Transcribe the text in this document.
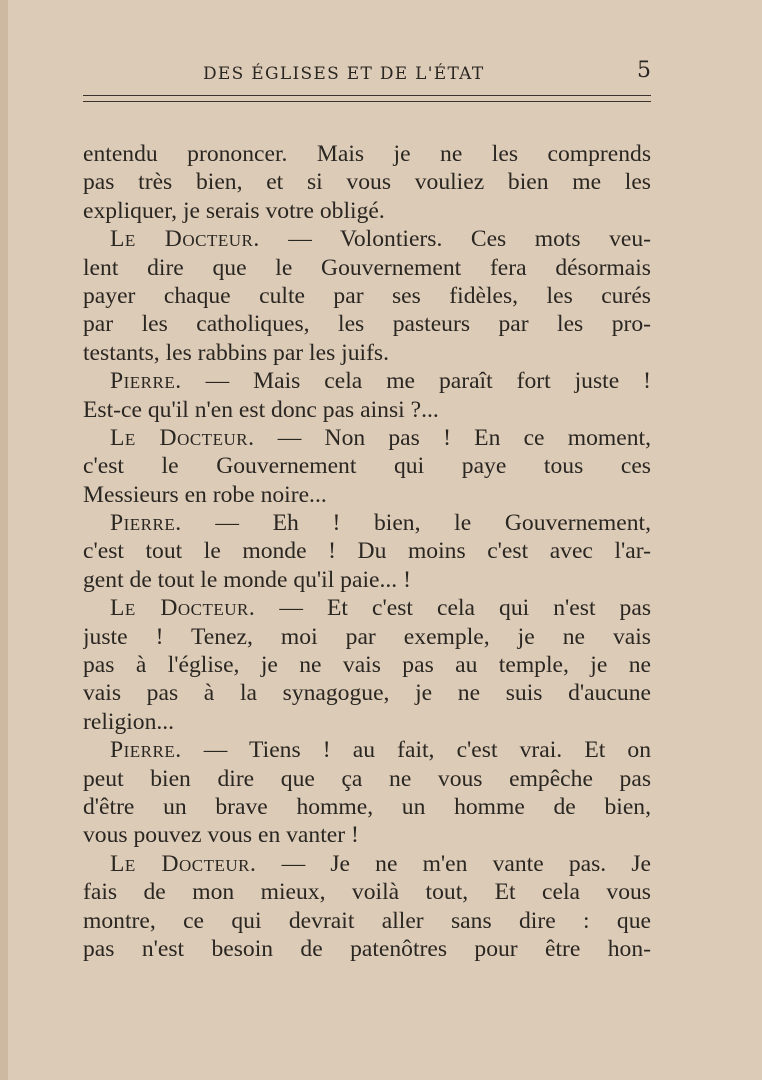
DES ÉGLISES ET DE L'ÉTAT	5
entendu prononcer. Mais je ne les comprends
pas très bien, et si vous vouliez bien me les
expliquer, je serais votre obligé.
Le Docteur. — Volontiers. Ces mots veu-
lent dire que le Gouvernement fera désormais
payer chaque culte par ses fidèles, les curés
par les catholiques, les pasteurs par les pro-
testants, les rabbins par les juifs.
Pierre. — Mais cela me paraît fort juste !
Est-ce qu'il n'en est donc pas ainsi ?...
Le Docteur. — Non pas ! En ce moment,
c'est le Gouvernement qui paye tous ces
Messieurs en robe noire...
Pierre. — Eh ! bien, le Gouvernement,
c'est tout le monde ! Du moins c'est avec l'ar-
gent de tout le monde qu'il paie... !
Le Docteur. — Et c'est cela qui n'est pas
juste ! Tenez, moi par exemple, je ne vais
pas à l'église, je ne vais pas au temple, je ne
vais pas à la synagogue, je ne suis d'aucune
religion...
Pierre. — Tiens ! au fait, c'est vrai. Et on
peut bien dire que ça ne vous empêche pas
d'être un brave homme, un homme de bien,
vous pouvez vous en vanter !
Le Docteur. — Je ne m'en vante pas. Je
fais de mon mieux, voilà tout, Et cela vous
montre, ce qui devrait aller sans dire : que
pas n'est besoin de patenôtres pour être hon-
